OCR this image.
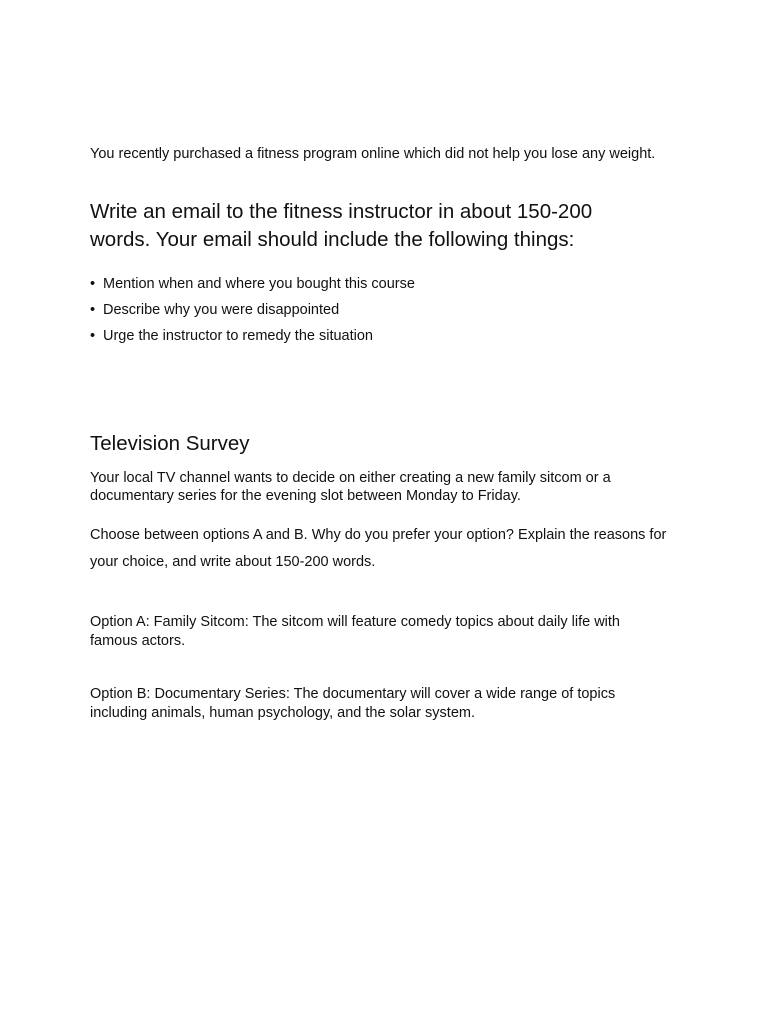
You recently purchased a fitness program online which did not help you lose any weight.

Write an email to the fitness instructor in about 150-200 words. Your email should include the following things:
• Mention when and where you bought this course
• Describe why you were disappointed
• Urge the instructor to remedy the situation
Television Survey

Your local TV channel wants to decide on either creating a new family sitcom or a documentary series for the evening slot between Monday to Friday.

Choose between options A and B. Why do you prefer your option? Explain the reasons for your choice, and write about 150-200 words.

Option A: Family Sitcom: The sitcom will feature comedy topics about daily life with famous actors.

Option B: Documentary Series: The documentary will cover a wide range of topics including animals, human psychology, and the solar system.
